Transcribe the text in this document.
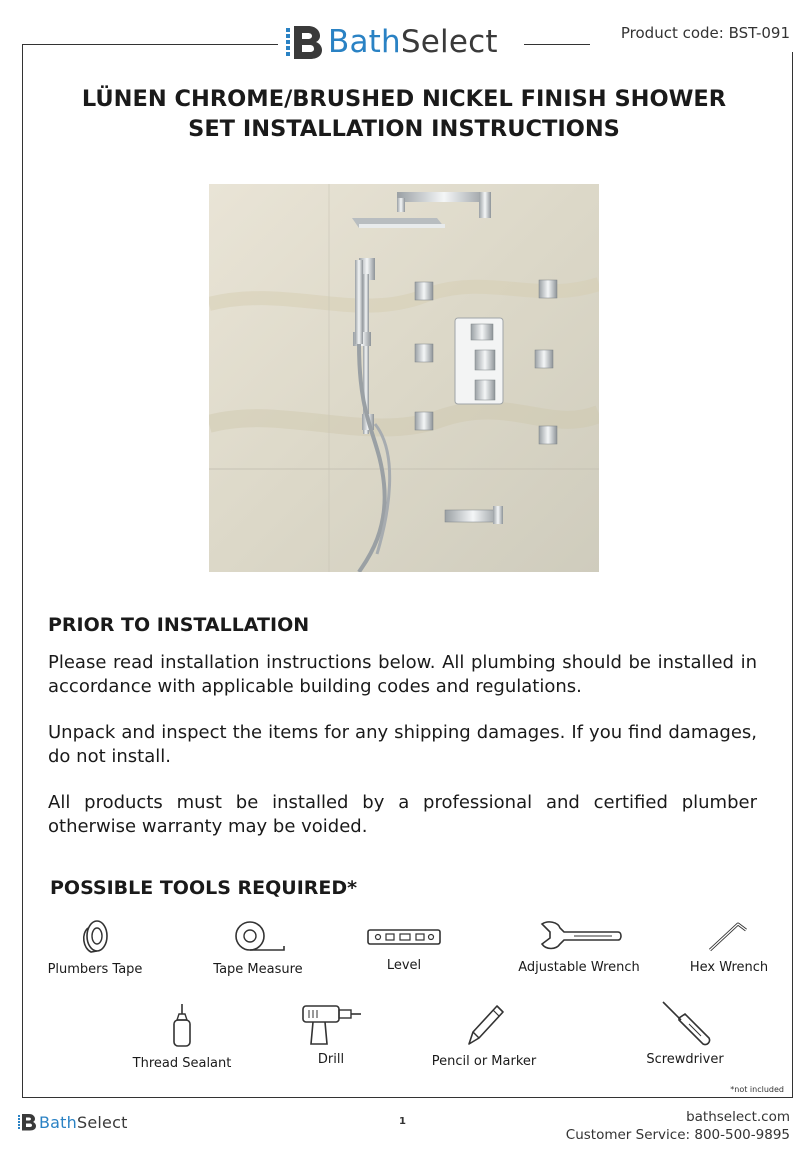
BathSelect	Product code: BST-091
LÜNEN CHROME/BRUSHED NICKEL FINISH SHOWER
SET INSTALLATION INSTRUCTIONS
PRIOR TO INSTALLATION
Please read installation instructions below. All plumbing should be installed in accordance with applicable building codes and regulations.
Unpack and inspect the items for any shipping damages. If you find damages, do not install.
All products must be installed by a professional and certified plumber otherwise warranty may be voided.
POSSIBLE TOOLS REQUIRED*
Plumbers Tape	Tape Measure	Level	Adjustable Wrench	Hex Wrench
Thread Sealant	Drill	Pencil or Marker	Screwdriver
*not included
BathSelect	1	bathselect.com
Customer Service: 800-500-9895
